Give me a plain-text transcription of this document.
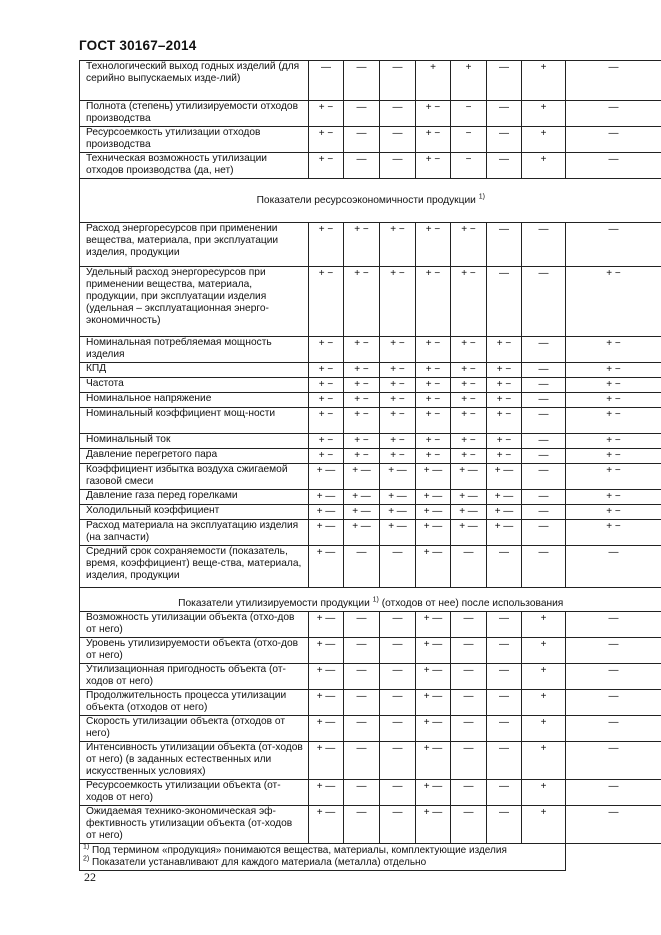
ГОСТ 30167–2014
Технологический выход годных изделий (для серийно выпускаемых изде-лий)	—	—	—	+	+	—	+	—
Полнота (степень) утилизируемости отходов производства	+ −	—	—	+ −	−	—	+	—
Ресурсоемкость утилизации отходов производства	+ −	—	—	+ −	−	—	+	—
Техническая возможность утилизации отходов производства (да, нет)	+ −	—	—	+ −	−	—	+	—
Показатели ресурсоэкономичности продукции $^{1)}$
Расход энергоресурсов при применении вещества, материала, при эксплуатации изделия, продукции	+ −	+ −	+ −	+ −	+ −	—	—	—
Удельный расход энергоресурсов при применении вещества, материала, продукции, при эксплуатации изделия (удельная – эксплуатационная энерго-экономичность)	+ −	+ −	+ −	+ −	+ −	—	—	+ −
Номинальная потребляемая мощность изделия	+ −	+ −	+ −	+ −	+ −	+ −	—	+ −
КПД	+ −	+ −	+ −	+ −	+ −	+ −	—	+ −
Частота	+ −	+ −	+ −	+ −	+ −	+ −	—	+ −
Номинальное напряжение	+ −	+ −	+ −	+ −	+ −	+ −	—	+ −
Номинальный коэффициент мощ-ности	+ −	+ −	+ −	+ −	+ −	+ −	—	+ −
Номинальный ток	+ −	+ −	+ −	+ −	+ −	+ −	—	+ −
Давление перегретого пара	+ −	+ −	+ −	+ −	+ −	+ −	—	+ −
Коэффициент избытка воздуха сжигаемой газовой смеси	+ —	+ —	+ —	+ —	+ —	+ —	—	+ −
Давление газа перед горелками	+ —	+ —	+ —	+ —	+ —	+ —	—	+ −
Холодильный коэффициент	+ —	+ —	+ —	+ —	+ —	+ —	—	+ −
Расход материала на эксплуатацию изделия (на запчасти)	+ —	+ —	+ —	+ —	+ —	+ —	—	+ −
Средний срок сохраняемости (показатель, время, коэффициент) веще-ства, материала, изделия, продукции	+ —	—	—	+ —	—	—	—	—
Показатели утилизируемости продукции $^{1)}$ (отходов от нее) после использования								
Возможность утилизации объекта (отхо-дов от него)	+ —	—	—	+ —	—	—	+	—
Уровень утилизируемости объекта (отхо-дов от него)	+ —	—	—	+ —	—	—	+	—
Утилизационная пригодность объекта (от-ходов от него)	+ —	—	—	+ —	—	—	+	—
Продолжительность процесса утилизации объекта (отходов от него)	+ —	—	—	+ —	—	—	+	—
Скорость утилизации объекта (отходов от него)	+ —	—	—	+ —	—	—	+	—
Интенсивность утилизации объекта (от-ходов от него) (в заданных естественных или искусственных условиях)	+ —	—	—	+ —	—	—	+	—
Ресурсоемкость утилизации объекта (от-ходов от него)	+ —	—	—	+ —	—	—	+	—
Ожидаемая технико-экономическая эф-фективность утилизации объекта (от-ходов от него)	+ —	—	—	+ —	—	—	+	—

$^{1)}$ Под термином «продукция» понимаются вещества, материалы, комплектующие изделия
$^{2)}$ Показатели устанавливают для каждого материала (металла) отдельно								

22
